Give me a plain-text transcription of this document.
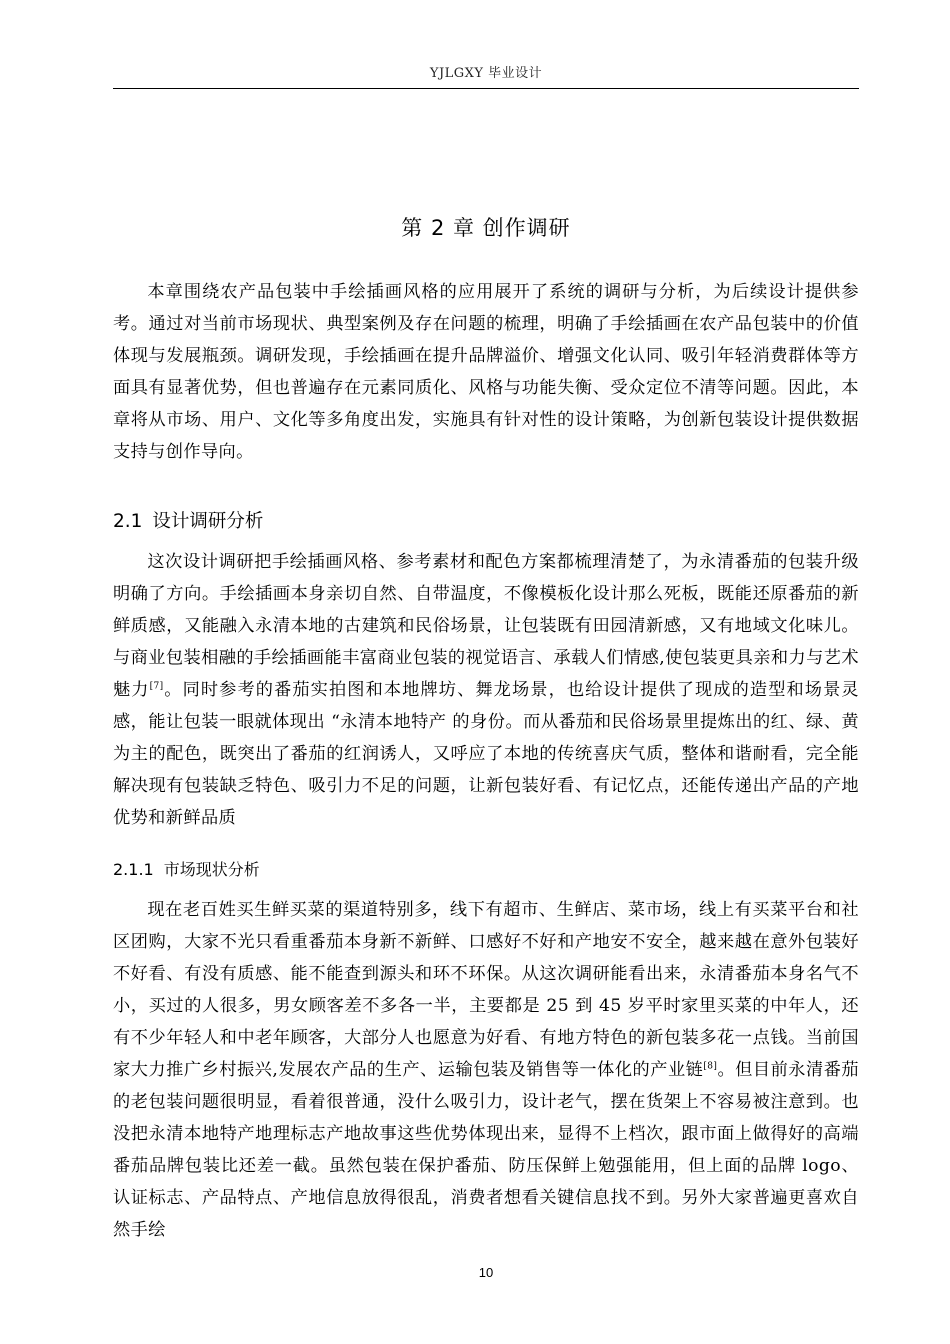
YJLGXY 毕业设计
第 2 章 创作调研

本章围绕农产品包装中手绘插画风格的应用展开了系统的调研与分析，为后续设计提供参考。通过对当前市场现状、典型案例及存在问题的梳理，明确了手绘插画在农产品包装中的价值体现与发展瓶颈。调研发现，手绘插画在提升品牌溢价、增强文化认同、吸引年轻消费群体等方面具有显著优势，但也普遍存在元素同质化、风格与功能失衡、受众定位不清等问题。因此，本章将从市场、用户、文化等多角度出发，实施具有针对性的设计策略，为创新包装设计提供数据支持与创作导向。

2.1 设计调研分析

这次设计调研把手绘插画风格、参考素材和配色方案都梳理清楚了，为永清番茄的包装升级明确了方向。手绘插画本身亲切自然、自带温度，不像模板化设计那么死板，既能还原番茄的新鲜质感，又能融入永清本地的古建筑和民俗场景，让包装既有田园清新感，又有地域文化味儿。与商业包装相融的手绘插画能丰富商业包装的视觉语言、承载人们情感,使包装更具亲和力与艺术魅力[7]。同时参考的番茄实拍图和本地牌坊、舞龙场景，也给设计提供了现成的造型和场景灵感，能让包装一眼就体现出 “永清本地特产 的身份。而从番茄和民俗场景里提炼出的红、绿、黄为主的配色，既突出了番茄的红润诱人，又呼应了本地的传统喜庆气质，整体和谐耐看，完全能解决现有包装缺乏特色、吸引力不足的问题，让新包装好看、有记忆点，还能传递出产品的产地优势和新鲜品质

2.1.1 市场现状分析

现在老百姓买生鲜买菜的渠道特别多，线下有超市、生鲜店、菜市场，线上有买菜平台和社区团购，大家不光只看重番茄本身新不新鲜、口感好不好和产地安不安全，越来越在意外包装好不好看、有没有质感、能不能查到源头和环不环保。从这次调研能看出来，永清番茄本身名气不小，买过的人很多，男女顾客差不多各一半，主要都是 25 到 45 岁平时家里买菜的中年人，还有不少年轻人和中老年顾客，大部分人也愿意为好看、有地方特色的新包装多花一点钱。当前国家大力推广乡村振兴,发展农产品的生产、运输包装及销售等一体化的产业链[8]。但目前永清番茄的老包装问题很明显，看着很普通，没什么吸引力，设计老气，摆在货架上不容易被注意到。也没把永清本地特产地理标志产地故事这些优势体现出来，显得不上档次，跟市面上做得好的高端番茄品牌包装比还差一截。虽然包装在保护番茄、防压保鲜上勉强能用，但上面的品牌 logo、认证标志、产品特点、产地信息放得很乱，消费者想看关键信息找不到。另外大家普遍更喜欢自然手绘

10
